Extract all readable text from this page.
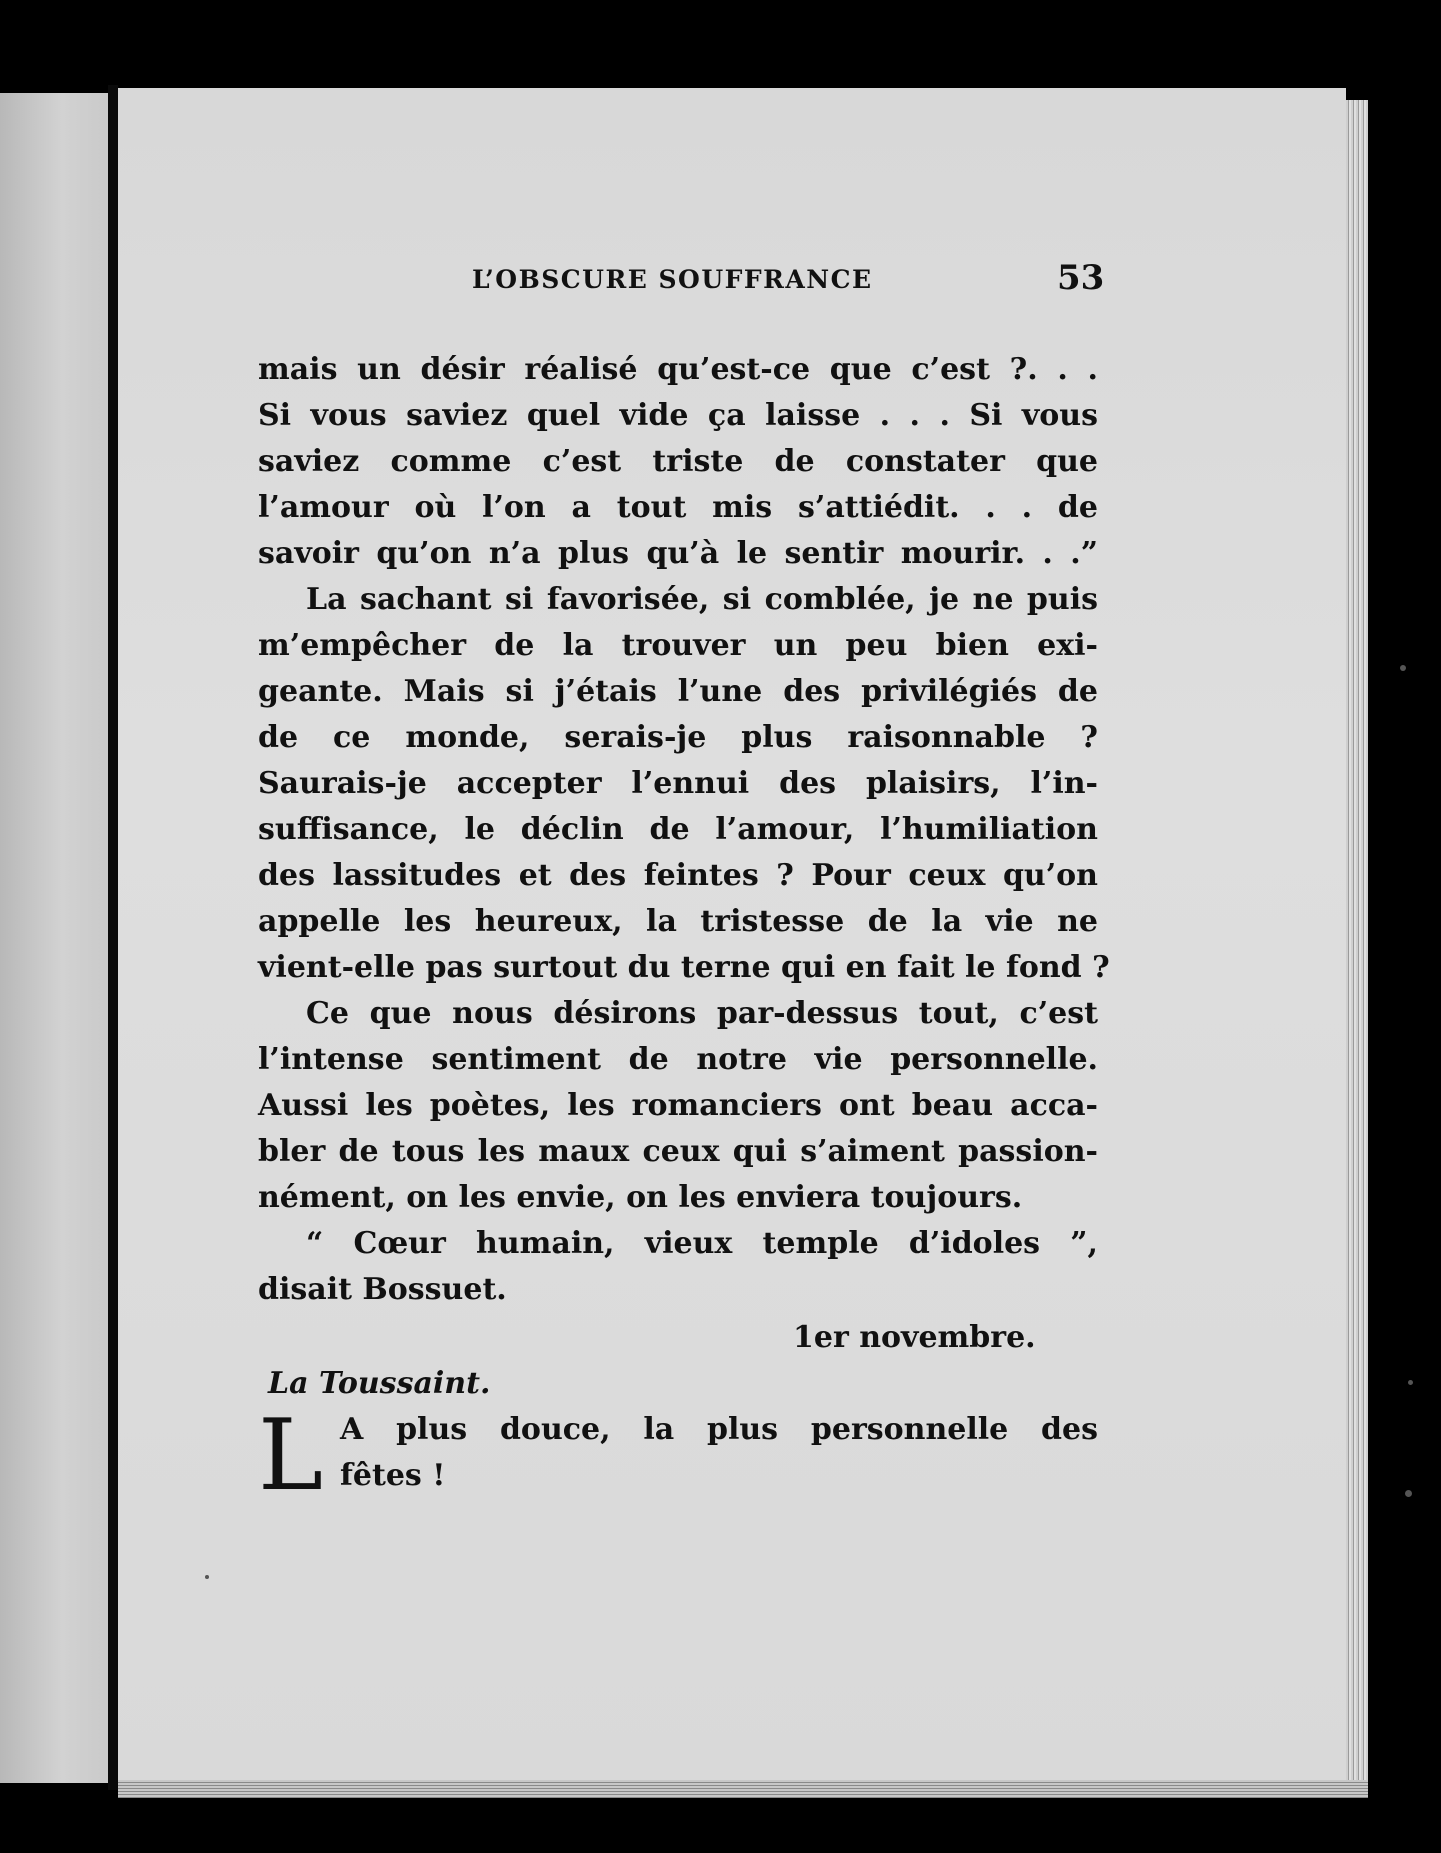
L’OBSCURE SOUFFRANCE	53
mais un désir réalisé qu’est-ce que c’est ?. . .
Si vous saviez quel vide ça laisse . . . Si vous
saviez comme c’est triste de constater que
l’amour où l’on a tout mis s’attiédit. . . de
savoir qu’on n’a plus qu’à le sentir mourir. . .”
La sachant si favorisée, si comblée, je ne puis
m’empêcher de la trouver un peu bien exi-
geante. Mais si j’étais l’une des privilégiés de
de ce monde, serais-je plus raisonnable ?
Saurais-je accepter l’ennui des plaisirs, l’in-
suffisance, le déclin de l’amour, l’humiliation
des lassitudes et des feintes ? Pour ceux qu’on
appelle les heureux, la tristesse de la vie ne
vient-elle pas surtout du terne qui en fait le fond ?
Ce que nous désirons par-dessus tout, c’est
l’intense sentiment de notre vie personnelle.
Aussi les poètes, les romanciers ont beau acca-
bler de tous les maux ceux qui s’aiment passion-
nément, on les envie, on les enviera toujours.
“ Cœur humain, vieux temple d’idoles ”,
disait Bossuet.
1er novembre.
La Toussaint.
L A plus douce, la plus personnelle des
fêtes !
